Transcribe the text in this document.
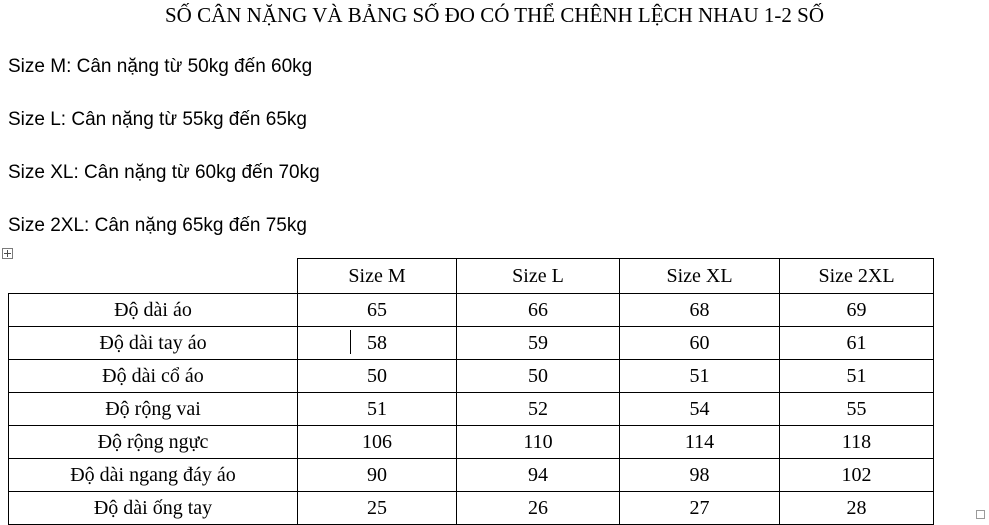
SỐ CÂN NẶNG VÀ BẢNG SỐ ĐO CÓ THỂ CHÊNH LỆCH NHAU 1-2 SỐ
Size M: Cân nặng từ 50kg đến 60kg
Size L: Cân nặng từ 55kg đến 65kg
Size XL: Cân nặng từ 60kg đến 70kg
Size 2XL: Cân nặng 65kg đến 75kg
	Size M	Size L	Size XL	Size 2XL
Độ dài áo	65	66	68	69
Độ dài tay áo	58	59	60	61
Độ dài cổ áo	50	50	51	51
Độ rộng vai	51	52	54	55
Độ rộng ngực	106	110	114	118
Độ dài ngang đáy áo	90	94	98	102
Độ dài ống tay	25	26	27	28
